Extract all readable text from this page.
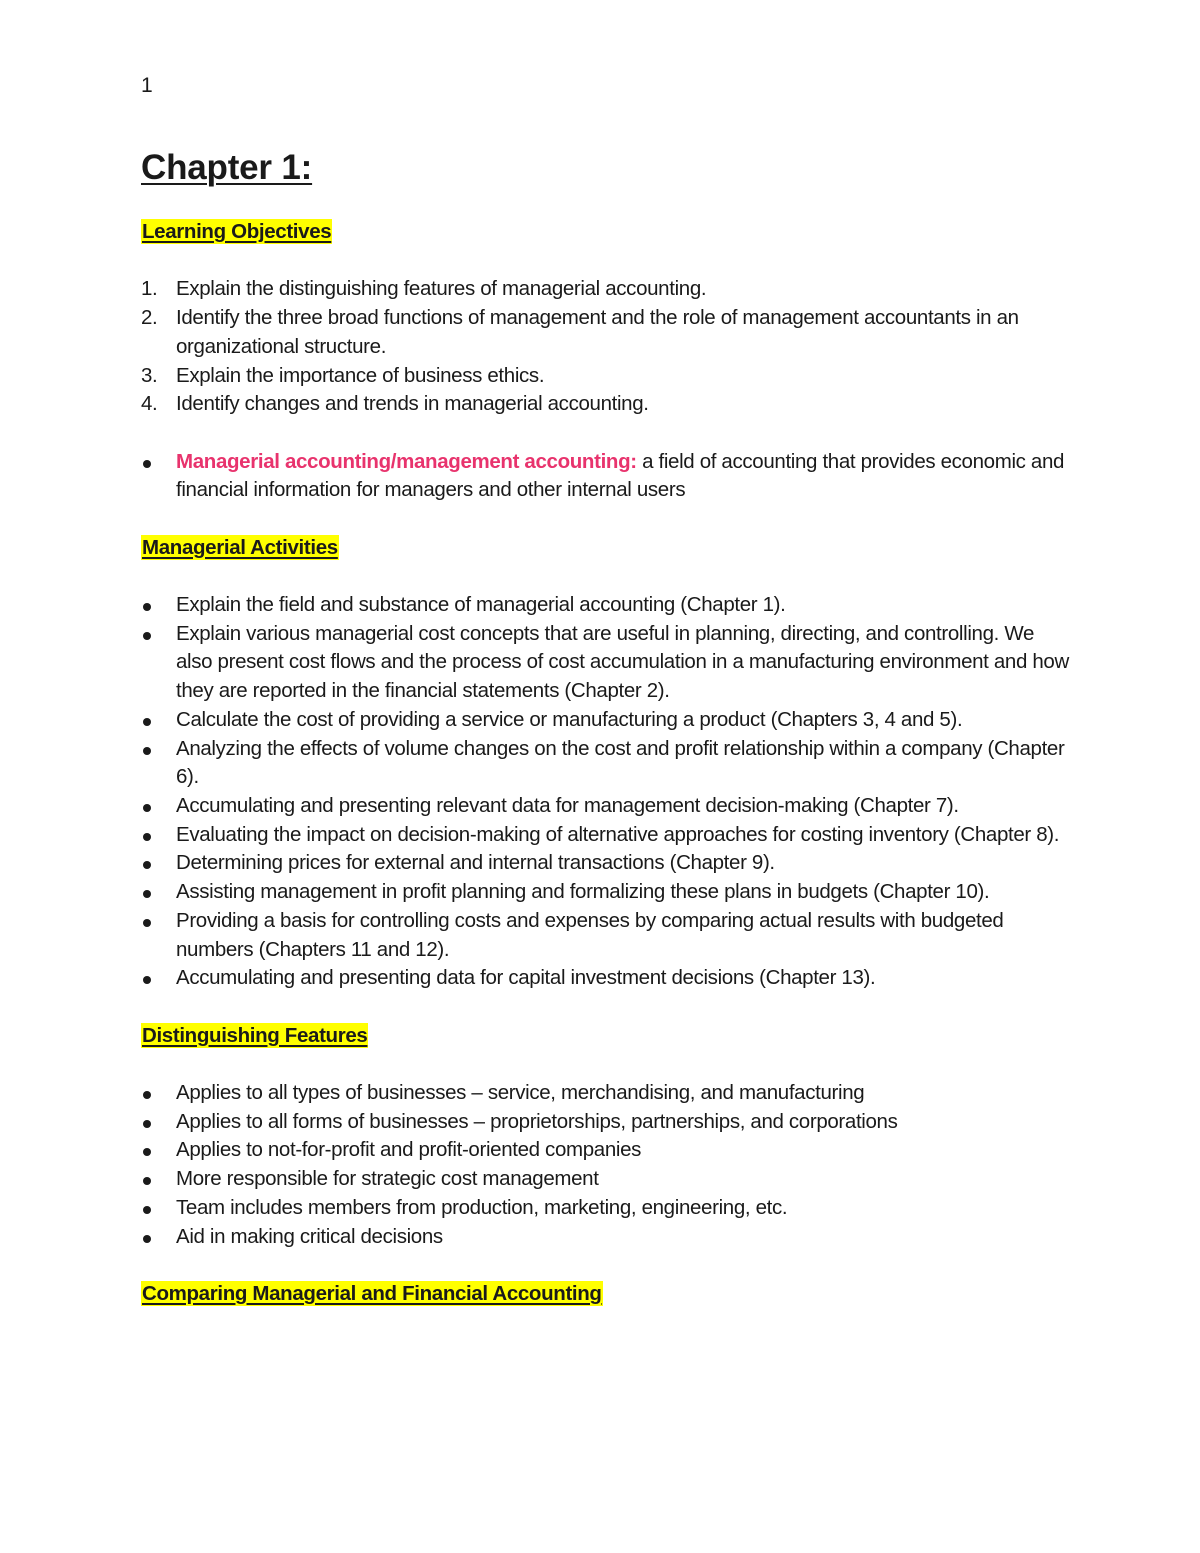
1
Chapter 1:
Learning Objectives
1. Explain the distinguishing features of managerial accounting.
2. Identify the three broad functions of management and the role of management accountants in an organizational structure.
3. Explain the importance of business ethics.
4. Identify changes and trends in managerial accounting.
Managerial accounting/management accounting: a field of accounting that provides economic and financial information for managers and other internal users
Managerial Activities
Explain the field and substance of managerial accounting (Chapter 1).
Explain various managerial cost concepts that are useful in planning, directing, and controlling. We also present cost flows and the process of cost accumulation in a manufacturing environment and how they are reported in the financial statements (Chapter 2).
Calculate the cost of providing a service or manufacturing a product (Chapters 3, 4 and 5).
Analyzing the effects of volume changes on the cost and profit relationship within a company (Chapter 6).
Accumulating and presenting relevant data for management decision-making (Chapter 7).
Evaluating the impact on decision-making of alternative approaches for costing inventory (Chapter 8).
Determining prices for external and internal transactions (Chapter 9).
Assisting management in profit planning and formalizing these plans in budgets (Chapter 10).
Providing a basis for controlling costs and expenses by comparing actual results with budgeted numbers (Chapters 11 and 12).
Accumulating and presenting data for capital investment decisions (Chapter 13).
Distinguishing Features
Applies to all types of businesses – service, merchandising, and manufacturing
Applies to all forms of businesses – proprietorships, partnerships, and corporations
Applies to not-for-profit and profit-oriented companies
More responsible for strategic cost management
Team includes members from production, marketing, engineering, etc.
Aid in making critical decisions
Comparing Managerial and Financial Accounting
